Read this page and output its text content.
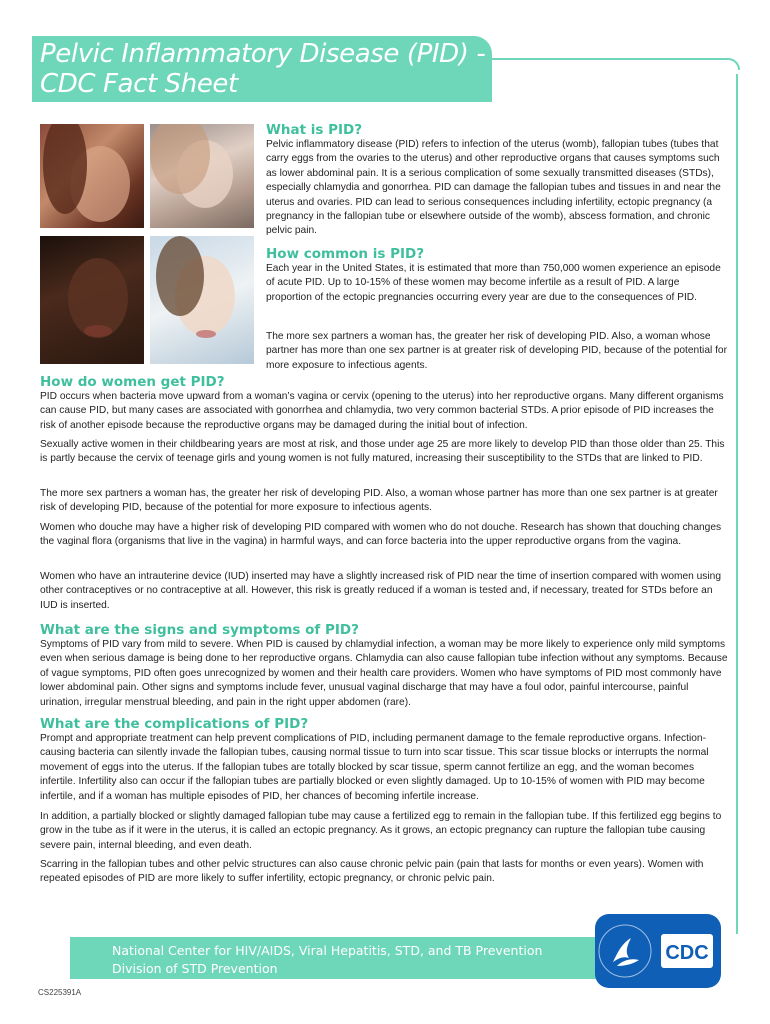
Pelvic Inflammatory Disease (PID) -
CDC Fact Sheet
What is PID?

Pelvic inflammatory disease (PID) refers to infection of the uterus (womb), fallopian tubes (tubes that carry eggs from the ovaries to the uterus) and other reproductive organs that causes symptoms such as lower abdominal pain. It is a serious complication of some sexually transmitted diseases (STDs), especially chlamydia and gonorrhea. PID can damage the fallopian tubes and tissues in and near the uterus and ovaries. PID can lead to serious consequences including infertility, ectopic pregnancy (a pregnancy in the fallopian tube or elsewhere outside of the womb), abscess formation, and chronic pelvic pain.

How common is PID?

Each year in the United States, it is estimated that more than 750,000 women experience an episode of acute PID. Up to 10-15% of these women may become infertile as a result of PID. A large proportion of the ectopic pregnancies occurring every year are due to the consequences of PID.

The more sex partners a woman has, the greater her risk of developing PID. Also, a woman whose partner has more than one sex partner is at greater risk of developing PID, because of the potential for more exposure to infectious agents.

How do women get PID?

PID occurs when bacteria move upward from a woman’s vagina or cervix (opening to the uterus) into her reproductive organs. Many different organisms can cause PID, but many cases are associated with gonorrhea and chlamydia, two very common bacterial STDs. A prior episode of PID increases the risk of another episode because the reproductive organs may be damaged during the initial bout of infection.

Sexually active women in their childbearing years are most at risk, and those under age 25 are more likely to develop PID than those older than 25. This is partly because the cervix of teenage girls and young women is not fully matured, increasing their susceptibility to the STDs that are linked to PID.

The more sex partners a woman has, the greater her risk of developing PID. Also, a woman whose partner has more than one sex partner is at greater risk of developing PID, because of the potential for more exposure to infectious agents.

Women who douche may have a higher risk of developing PID compared with women who do not douche. Research has shown that douching changes the vaginal flora (organisms that live in the vagina) in harmful ways, and can force bacteria into the upper reproductive organs from the vagina.

Women who have an intrauterine device (IUD) inserted may have a slightly increased risk of PID near the time of insertion compared with women using other contraceptives or no contraceptive at all. However, this risk is greatly reduced if a woman is tested and, if necessary, treated for STDs before an IUD is inserted.

What are the signs and symptoms of PID?

Symptoms of PID vary from mild to severe. When PID is caused by chlamydial infection, a woman may be more likely to experience only mild symptoms even when serious damage is being done to her reproductive organs. Chlamydia can also cause fallopian tube infection without any symptoms. Because of vague symptoms, PID often goes unrecognized by women and their health care providers. Women who have symptoms of PID most commonly have lower abdominal pain. Other signs and symptoms include fever, unusual vaginal discharge that may have a foul odor, painful intercourse, painful urination, irregular menstrual bleeding, and pain in the right upper abdomen (rare).

What are the complications of PID?

Prompt and appropriate treatment can help prevent complications of PID, including permanent damage to the female reproductive organs. Infection-causing bacteria can silently invade the fallopian tubes, causing normal tissue to turn into scar tissue. This scar tissue blocks or interrupts the normal movement of eggs into the uterus. If the fallopian tubes are totally blocked by scar tissue, sperm cannot fertilize an egg, and the woman becomes infertile. Infertility also can occur if the fallopian tubes are partially blocked or even slightly damaged. Up to 10-15% of women with PID may become infertile, and if a woman has multiple episodes of PID, her chances of becoming infertile increase.

In addition, a partially blocked or slightly damaged fallopian tube may cause a fertilized egg to remain in the fallopian tube. If this fertilized egg begins to grow in the tube as if it were in the uterus, it is called an ectopic pregnancy. As it grows, an ectopic pregnancy can rupture the fallopian tube causing severe pain, internal bleeding, and even death.

Scarring in the fallopian tubes and other pelvic structures can also cause chronic pelvic pain (pain that lasts for months or even years). Women with repeated episodes of PID are more likely to suffer infertility, ectopic pregnancy, or chronic pelvic pain.

National Center for HIV/AIDS, Viral Hepatitis, STD, and TB Prevention
Division of STD Prevention
CDC
CS225391A
